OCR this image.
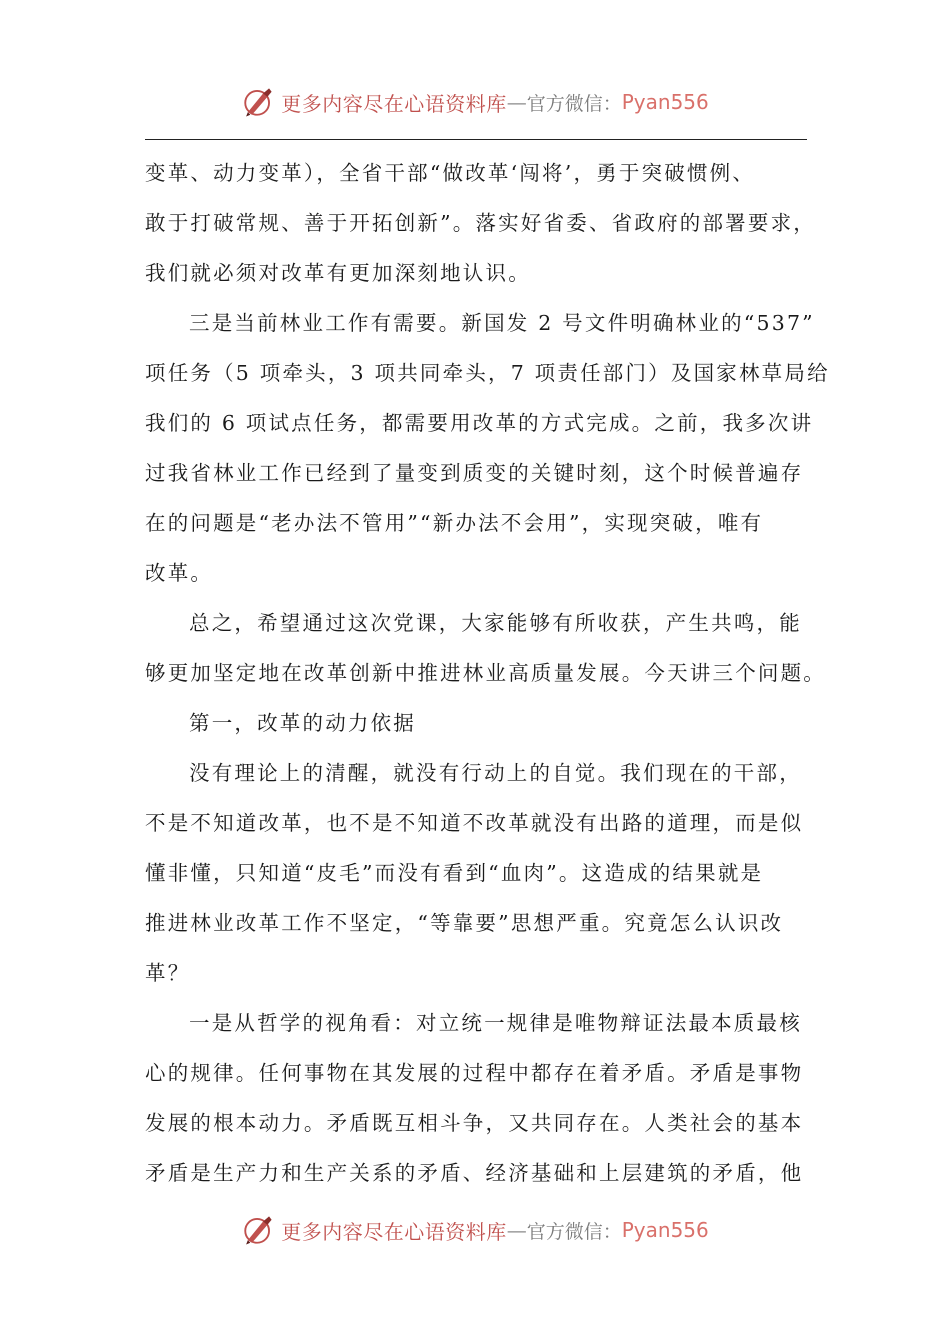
更多内容尽在心语资料库 — 官方微信： Pyan556
变革、动力变革），全省干部“做改革‘闯将’，勇于突破惯例、
敢于打破常规、善于开拓创新”。落实好省委、省政府的部署要求，
我们就必须对改革有更加深刻地认识。
三是当前林业工作有需要。新国发 2 号文件明确林业的“537”
项任务（5 项牵头，3 项共同牵头，7 项责任部门）及国家林草局给
我们的 6 项试点任务，都需要用改革的方式完成。之前，我多次讲
过我省林业工作已经到了量变到质变的关键时刻，这个时候普遍存
在的问题是“老办法不管用”“新办法不会用”，实现突破，唯有
改革。
总之，希望通过这次党课，大家能够有所收获，产生共鸣，能
够更加坚定地在改革创新中推进林业高质量发展。今天讲三个问题。
第一，改革的动力依据
没有理论上的清醒，就没有行动上的自觉。我们现在的干部，
不是不知道改革，也不是不知道不改革就没有出路的道理，而是似
懂非懂，只知道“皮毛”而没有看到“血肉”。这造成的结果就是
推进林业改革工作不坚定，“等靠要”思想严重。究竟怎么认识改
革？
一是从哲学的视角看：对立统一规律是唯物辩证法最本质最核
心的规律。任何事物在其发展的过程中都存在着矛盾。矛盾是事物
发展的根本动力。矛盾既互相斗争，又共同存在。人类社会的基本
矛盾是生产力和生产关系的矛盾、经济基础和上层建筑的矛盾，他
更多内容尽在心语资料库 — 官方微信： Pyan556
